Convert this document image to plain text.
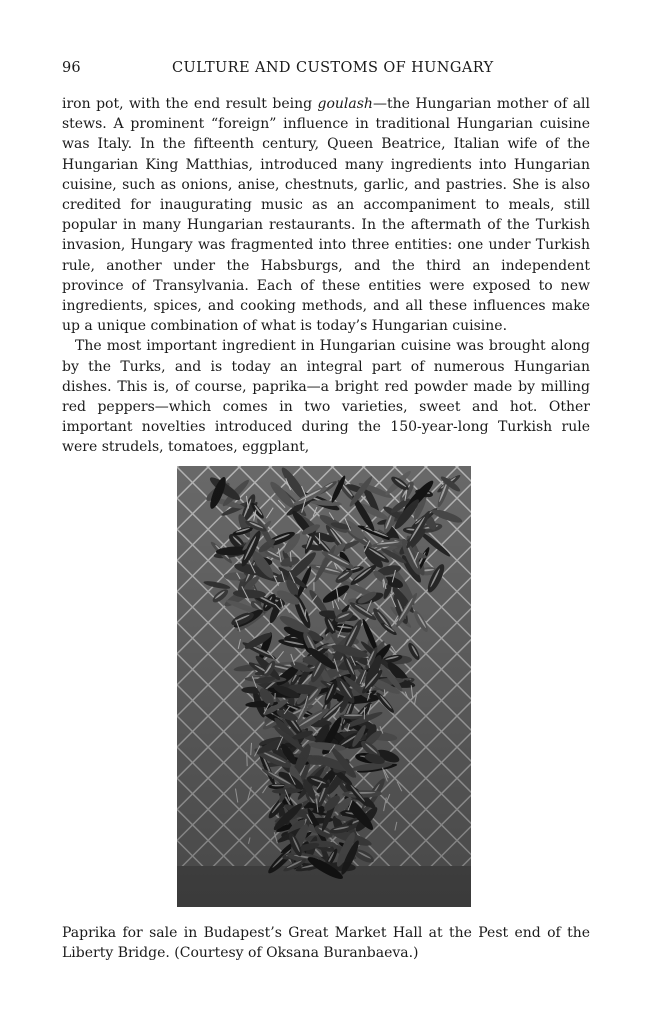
96	CULTURE AND CUSTOMS OF HUNGARY

iron pot, with the end result being goulash—the Hungarian mother of all stews. A prominent “foreign” influence in traditional Hungarian cuisine was Italy. In the fifteenth century, Queen Beatrice, Italian wife of the Hungarian King Matthias, introduced many ingredients into Hungarian cuisine, such as onions, anise, chestnuts, garlic, and pastries. She is also credited for inaugurating music as an accompaniment to meals, still popular in many Hungarian restaurants. In the aftermath of the Turkish invasion, Hungary was fragmented into three entities: one under Turkish rule, another under the Habsburgs, and the third an independent province of Transylvania. Each of these entities were exposed to new ingredients, spices, and cooking methods, and all these influences make up a unique combination of what is today’s Hungarian cuisine.

The most important ingredient in Hungarian cuisine was brought along by the Turks, and is today an integral part of numerous Hungarian dishes. This is, of course, paprika—a bright red powder made by milling red peppers—which comes in two varieties, sweet and hot. Other important novelties introduced during the 150-year-long Turkish rule were strudels, tomatoes, eggplant,

Paprika for sale in Budapest’s Great Market Hall at the Pest end of the Liberty Bridge. (Courtesy of Oksana Buranbaeva.)
